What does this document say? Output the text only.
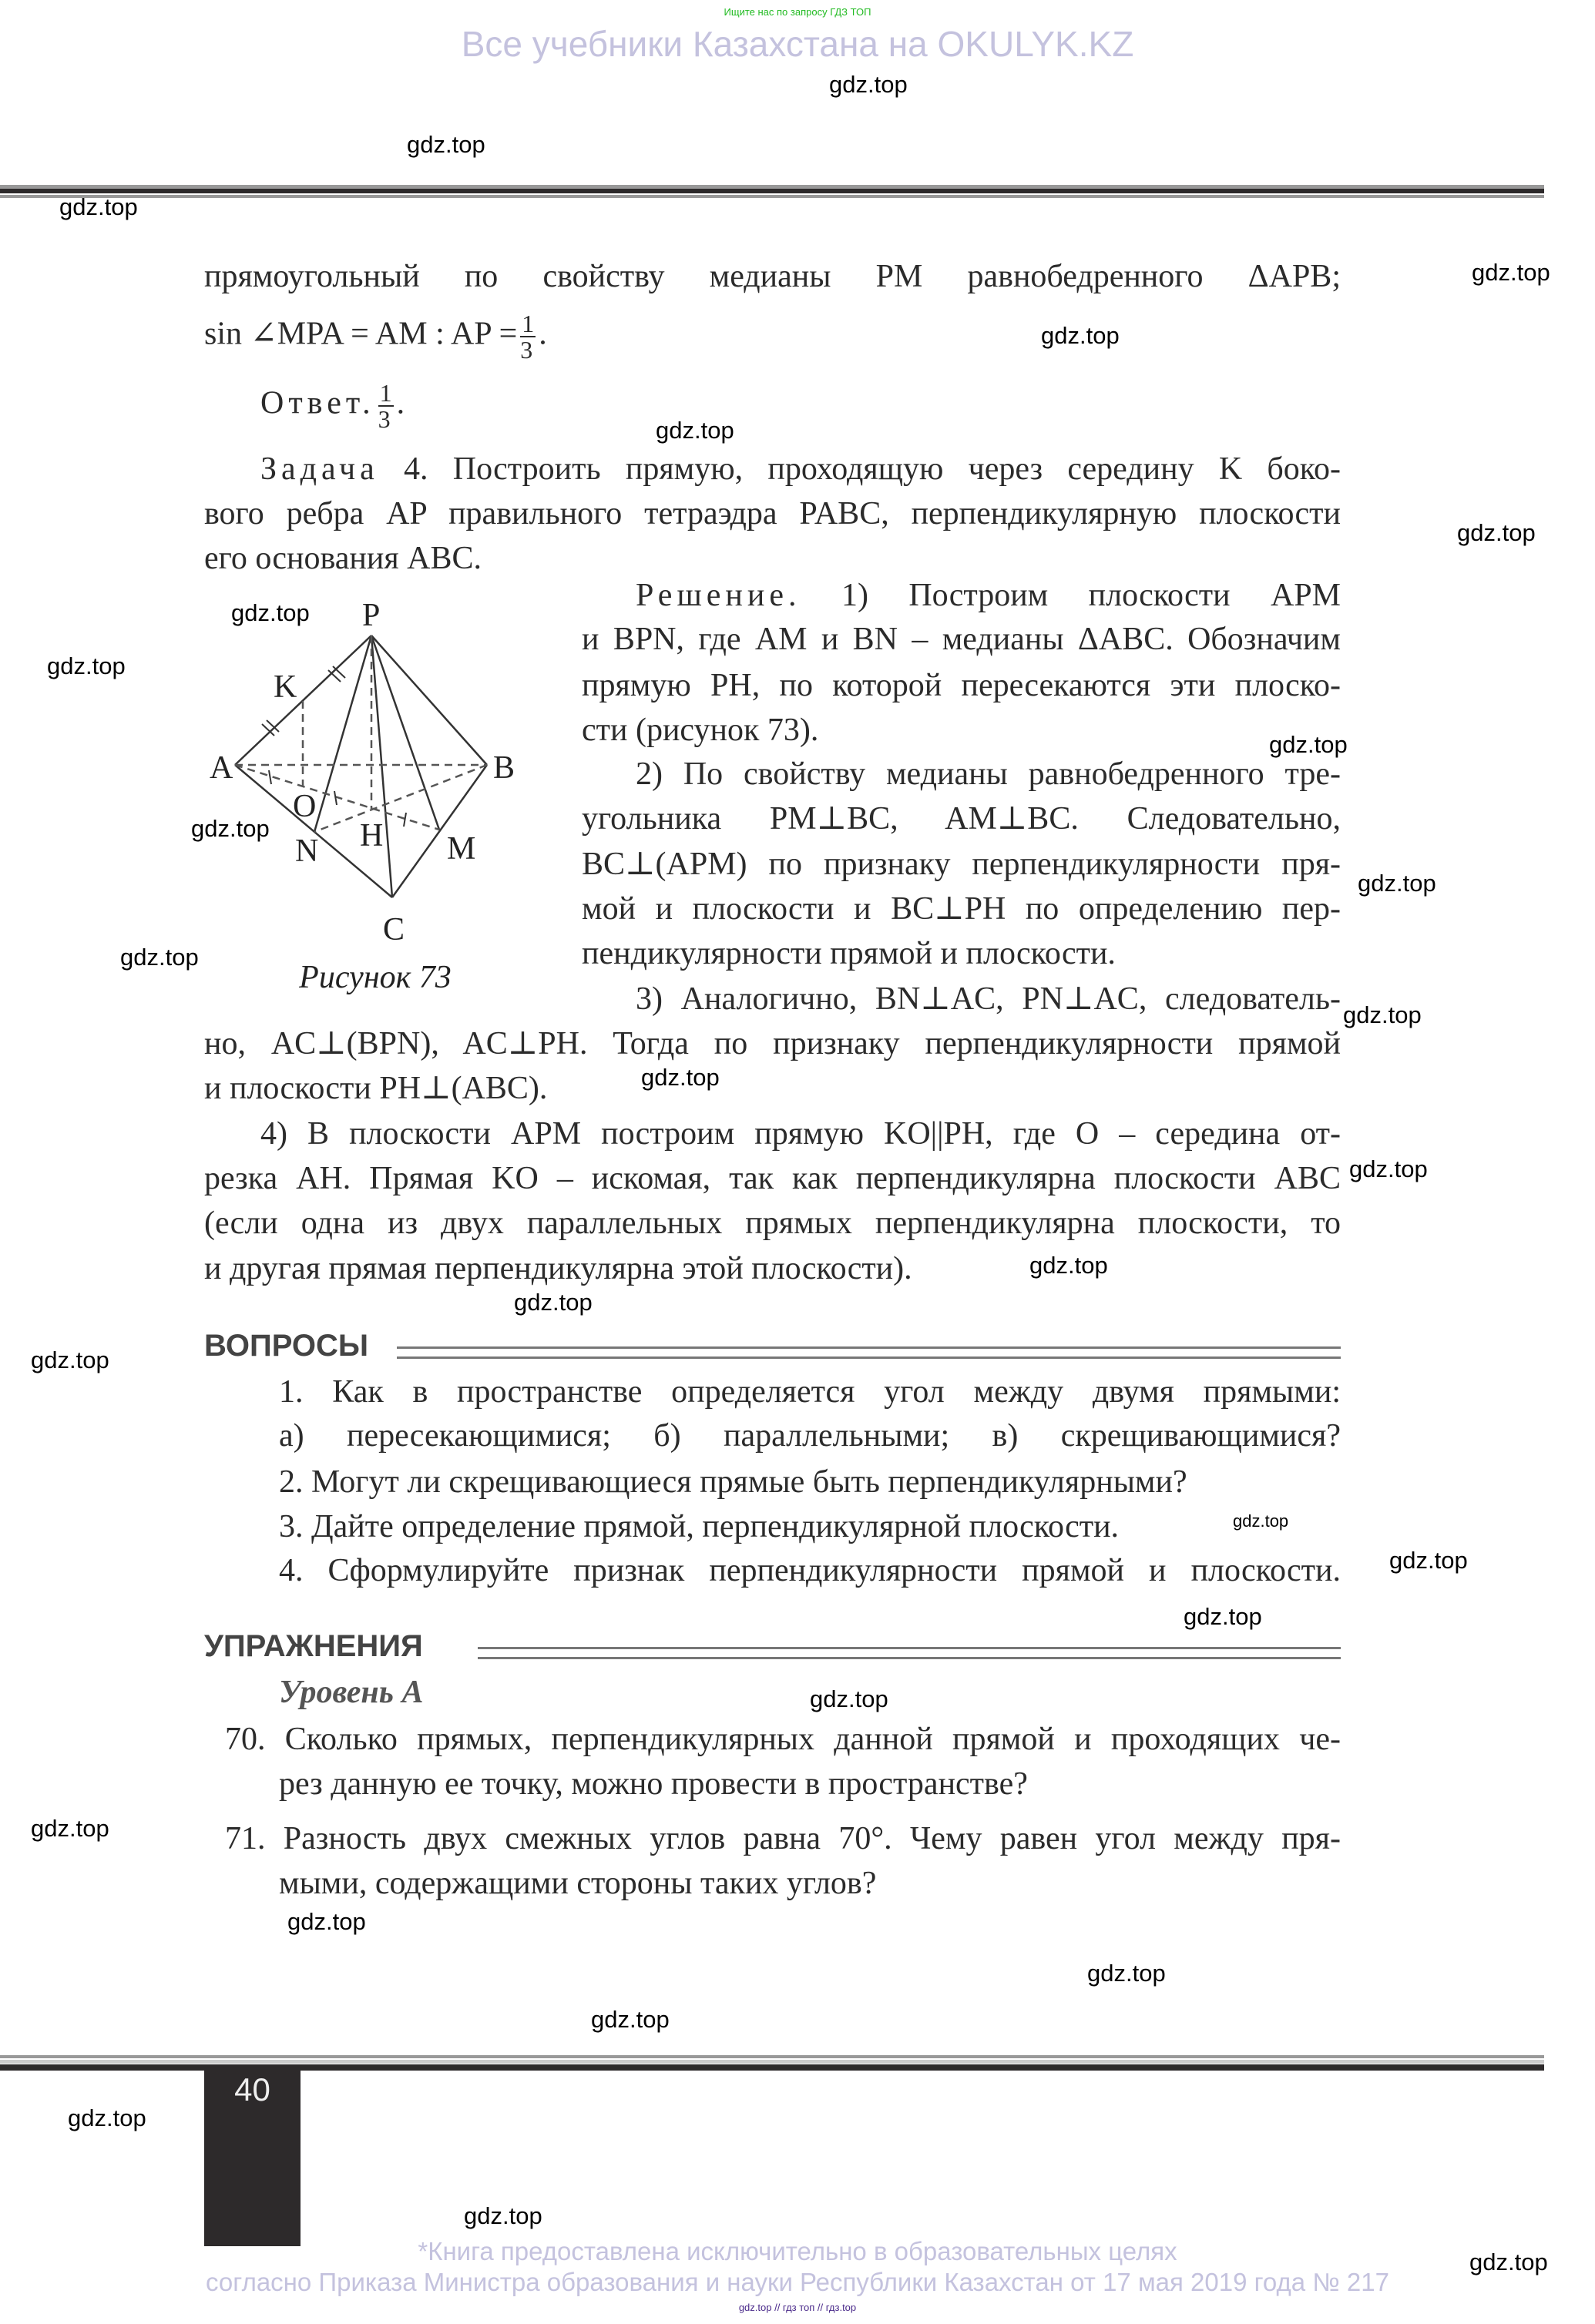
Ищите нас по запросу ГДЗ ТОП
Все учебники Казахстана на OKULYK.KZ
прямоугольный по свойству медианы PM равнобедренного ΔAPB;
sin ∠MPA = AM : AP = $\frac{1}{3}$ .
Ответ. $\frac{1}{3}$ .
Задача 4. Построить прямую, проходящую через середину K боко-
вого ребра AP правильного тетраэдра PABC, перпендикулярную плоскости
его основания ABC.
Решение. 1) Построим плоскости APM
и BPN, где AM и BN – медианы ΔABC. Обозначим
прямую PH, по которой пересекаются эти плоско-
сти (рисунок 73).
2) По свойству медианы равнобедренного тре-
угольника PM⊥BC, AM⊥BC. Следовательно,
BC⊥(APM) по признаку перпендикулярности пря-
мой и плоскости и BC⊥PH по определению пер-
пендикулярности прямой и плоскости.
3) Аналогично, BN⊥AC, PN⊥AC, следователь-
но, AC⊥(BPN), AC⊥PH. Тогда по признаку перпендикулярности прямой
и плоскости PH⊥(ABC).
4) В плоскости APM построим прямую KO||PH, где O – середина от-
резка AH. Прямая KO – искомая, так как перпендикулярна плоскости ABC
(если одна из двух параллельных прямых перпендикулярна плоскости, то
и другая прямая перпендикулярна этой плоскости).
P
K
A	B
O
H
N	M
C
Рисунок 73
ВОПРОСЫ
1. Как в пространстве определяется угол между двумя прямыми:
а) пересекающимися; б) параллельными; в) скрещивающимися?
2. Могут ли скрещивающиеся прямые быть перпендикулярными?
3. Дайте определение прямой, перпендикулярной плоскости.
4. Сформулируйте признак перпендикулярности прямой и плоскости.
УПРАЖНЕНИЯ
Уровень А
70. Сколько прямых, перпендикулярных данной прямой и проходящих че-
рез данную ее точку, можно провести в пространстве?
71. Разность двух смежных углов равна 70°. Чему равен угол между пря-
мыми, содержащими стороны таких углов?
40
*Книга предоставлена исключительно в образовательных целях
согласно Приказа Министра образования и науки Республики Казахстан от 17 мая 2019 года № 217
gdz.top // гдз топ // гдз.top
gdz.top
gdz.top
gdz.top
gdz.top
gdz.top
gdz.top
gdz.top
gdz.top
gdz.top
gdz.top
gdz.top
gdz.top
gdz.top
gdz.top
gdz.top
gdz.top
gdz.top
gdz.top
gdz.top
gdz.top
gdz.top
gdz.top
gdz.top
gdz.top
gdz.top
gdz.top
gdz.top
gdz.top
gdz.top
gdz.top
